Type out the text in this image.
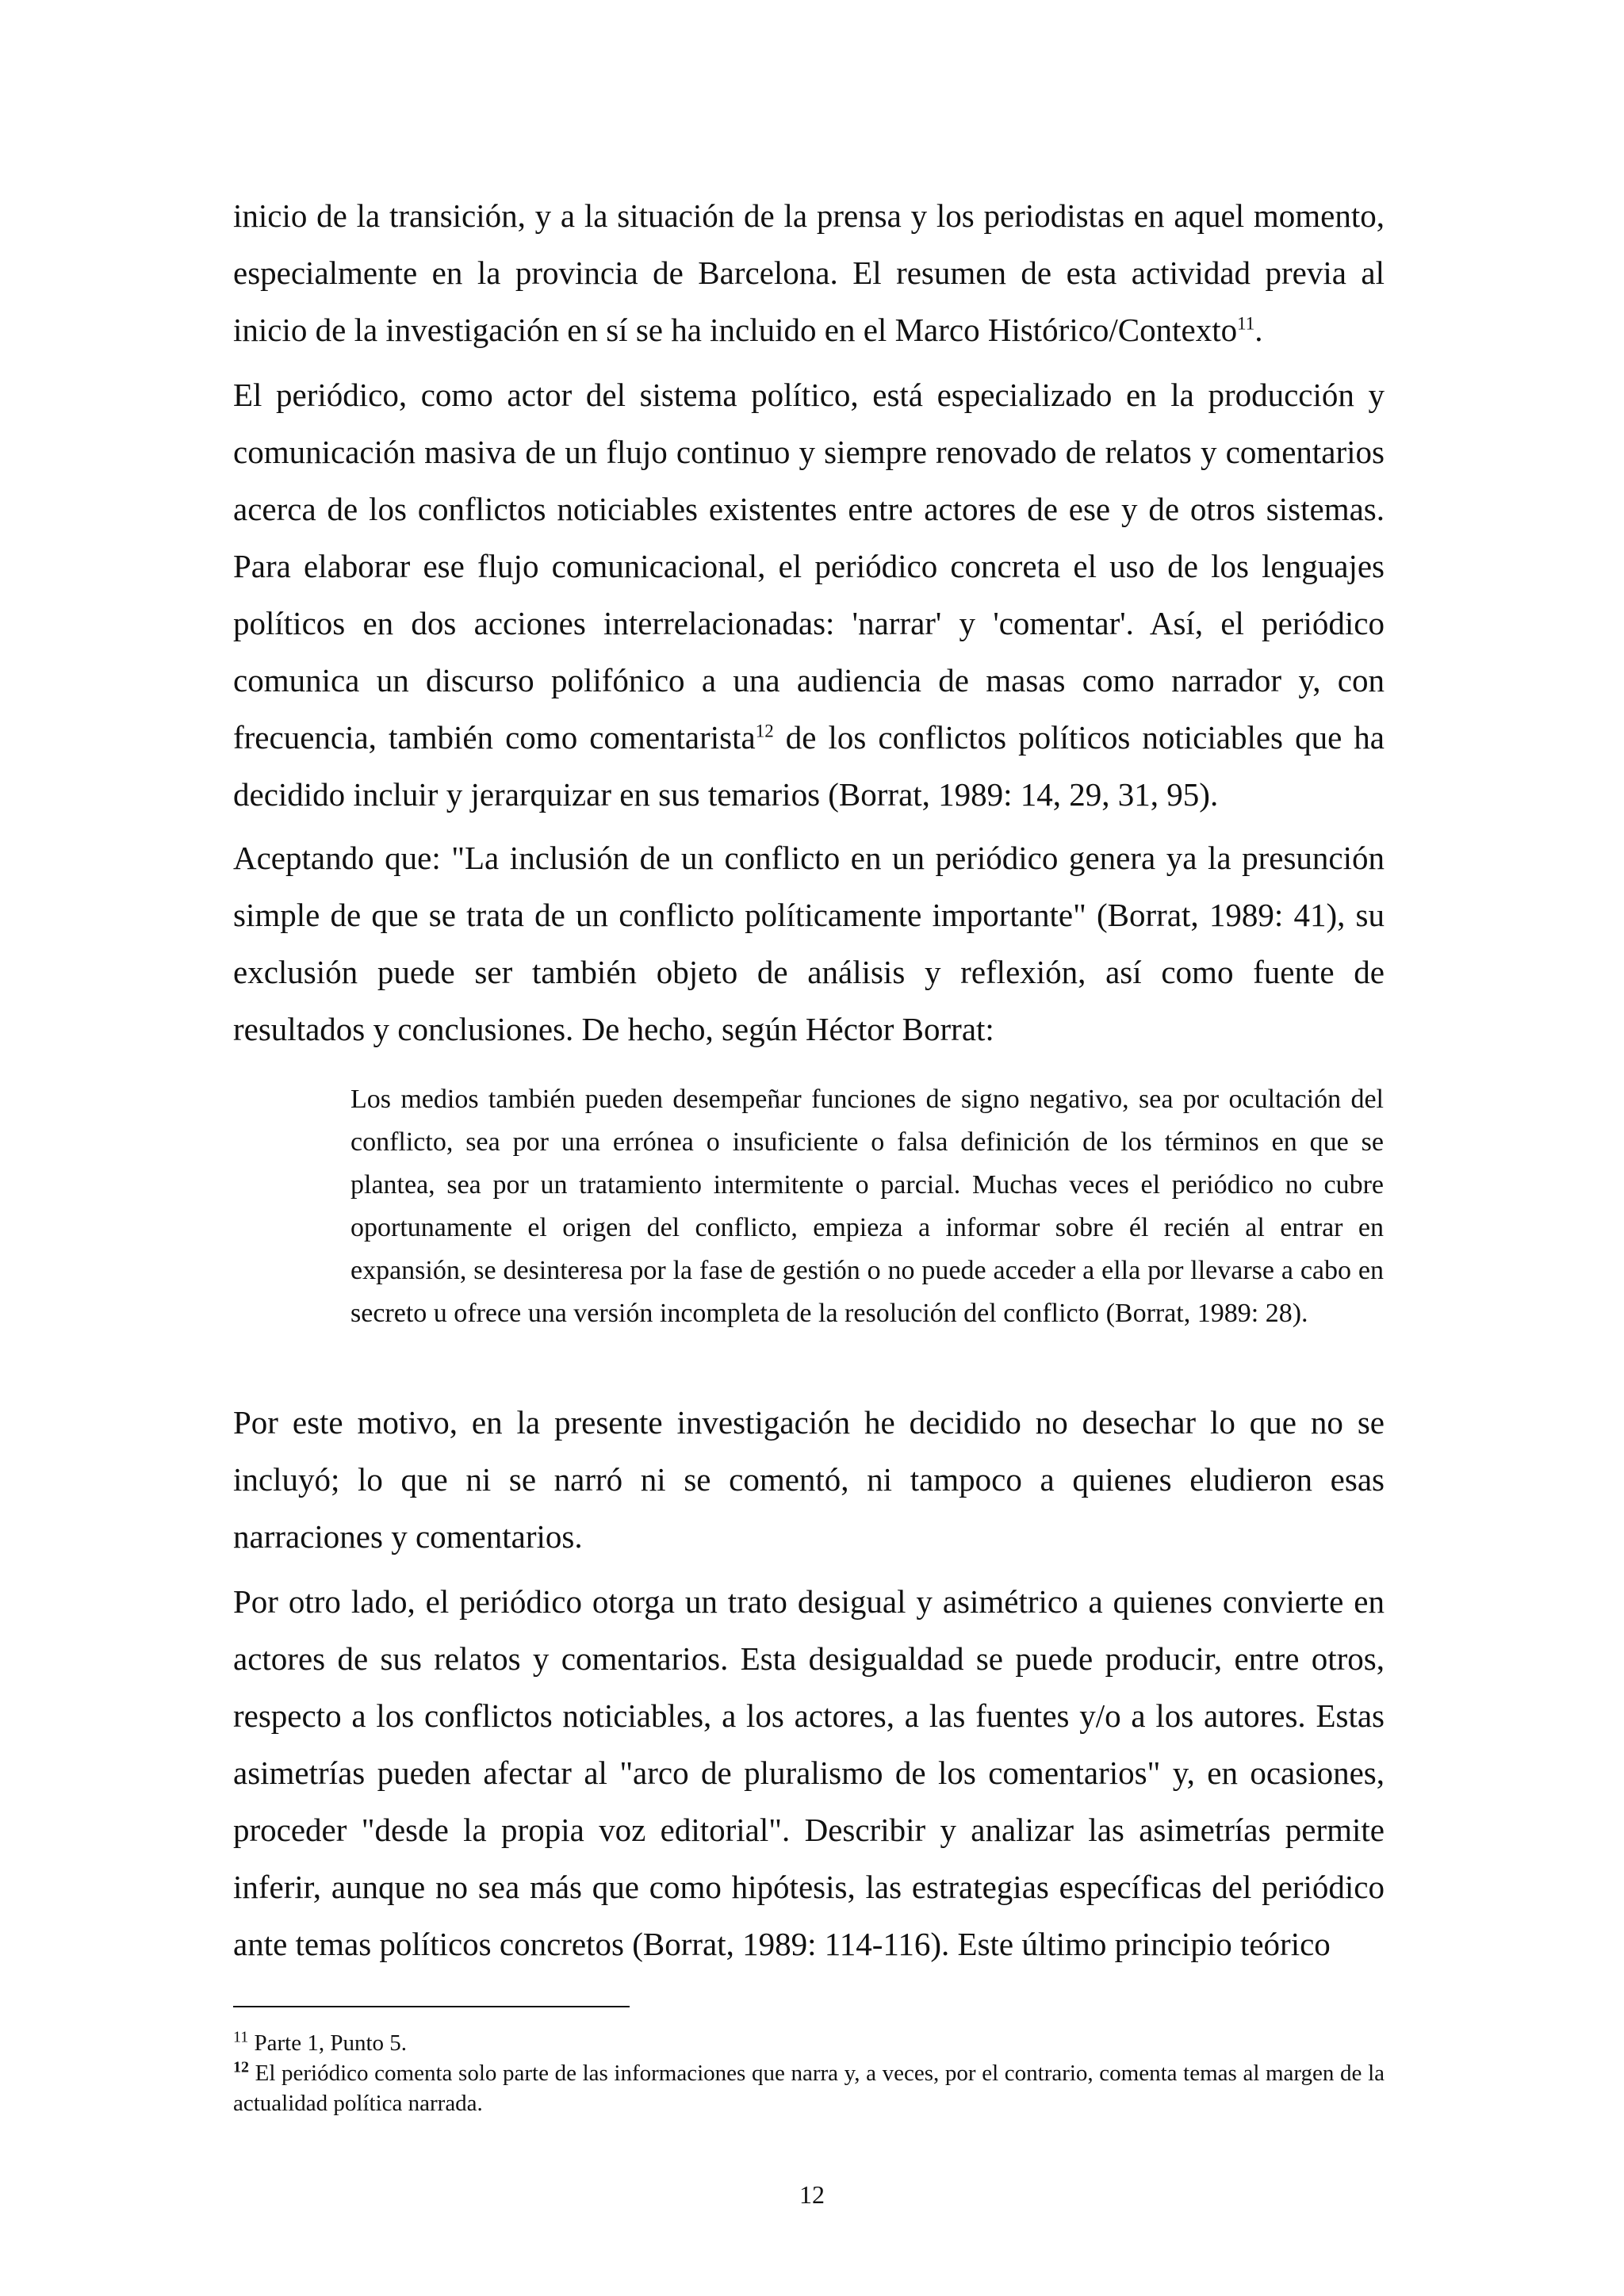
inicio de la transición, y a la situación de la prensa y los periodistas en aquel momento, especialmente en la provincia de Barcelona. El resumen de esta actividad previa al inicio de la investigación en sí se ha incluido en el Marco Histórico/Contexto$^{11}$.

El periódico, como actor del sistema político, está especializado en la producción y comunicación masiva de un flujo continuo y siempre renovado de relatos y comentarios acerca de los conflictos noticiables existentes entre actores de ese y de otros sistemas. Para elaborar ese flujo comunicacional, el periódico concreta el uso de los lenguajes políticos en dos acciones interrelacionadas: 'narrar' y 'comentar'. Así, el periódico comunica un discurso polifónico a una audiencia de masas como narrador y, con frecuencia, también como comentarista$^{12}$ de los conflictos políticos noticiables que ha decidido incluir y jerarquizar en sus temarios (Borrat, 1989: 14, 29, 31, 95).

Aceptando que: "La inclusión de un conflicto en un periódico genera ya la presunción simple de que se trata de un conflicto políticamente importante" (Borrat, 1989: 41), su exclusión puede ser también objeto de análisis y reflexión, así como fuente de resultados y conclusiones. De hecho, según Héctor Borrat:

Los medios también pueden desempeñar funciones de signo negativo, sea por ocultación del conflicto, sea por una errónea o insuficiente o falsa definición de los términos en que se plantea, sea por un tratamiento intermitente o parcial. Muchas veces el periódico no cubre oportunamente el origen del conflicto, empieza a informar sobre él recién al entrar en expansión, se desinteresa por la fase de gestión o no puede acceder a ella por llevarse a cabo en secreto u ofrece una versión incompleta de la resolución del conflicto (Borrat, 1989: 28).

Por este motivo, en la presente investigación he decidido no desechar lo que no se incluyó; lo que ni se narró ni se comentó, ni tampoco a quienes eludieron esas narraciones y comentarios.

Por otro lado, el periódico otorga un trato desigual y asimétrico a quienes convierte en actores de sus relatos y comentarios. Esta desigualdad se puede producir, entre otros, respecto a los conflictos noticiables, a los actores, a las fuentes y/o a los autores. Estas asimetrías pueden afectar al "arco de pluralismo de los comentarios" y, en ocasiones, proceder "desde la propia voz editorial". Describir y analizar las asimetrías permite inferir, aunque no sea más que como hipótesis, las estrategias específicas del periódico ante temas políticos concretos (Borrat, 1989: 114-116). Este último principio teórico

$^{11}$ Parte 1, Punto 5.

$^{12}$ El periódico comenta solo parte de las informaciones que narra y, a veces, por el contrario, comenta temas al margen de la actualidad política narrada.

12
